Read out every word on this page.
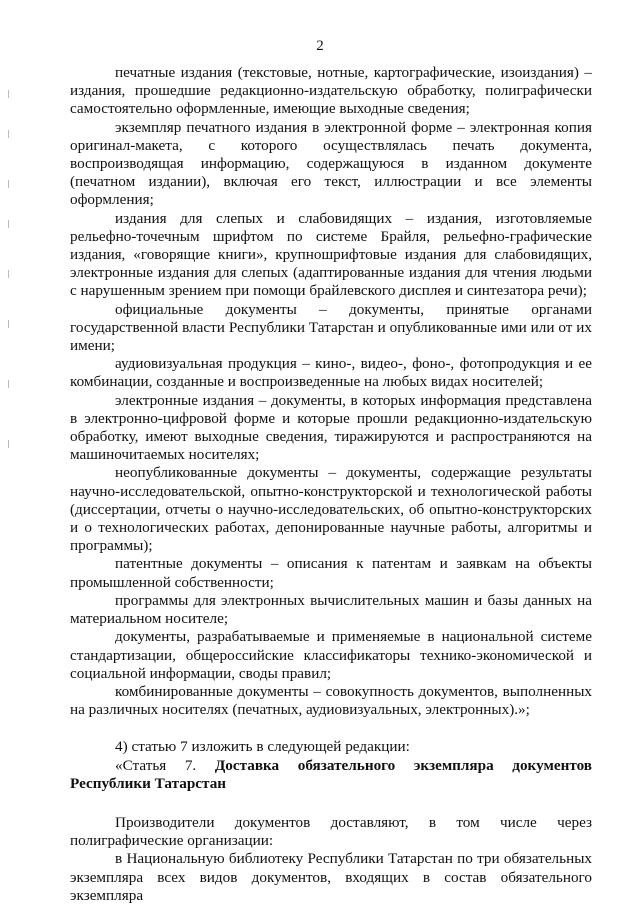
2

печатные издания (текстовые, нотные, картографические, изоиздания) – издания, прошедшие редакционно-издательскую обработку, полиграфически самостоятельно оформленные, имеющие выходные сведения;

экземпляр печатного издания в электронной форме – электронная копия оригинал-макета, с которого осуществлялась печать документа, воспроизводящая информацию, содержащуюся в изданном документе (печатном издании), включая его текст, иллюстрации и все элементы оформления;

издания для слепых и слабовидящих – издания, изготовляемые рельефно-точечным шрифтом по системе Брайля, рельефно-графические издания, «говорящие книги», крупношрифтовые издания для слабовидящих, электронные издания для слепых (адаптированные издания для чтения людьми с нарушенным зрением при помощи брайлевского дисплея и синтезатора речи);

официальные документы – документы, принятые органами государственной власти Республики Татарстан и опубликованные ими или от их имени;

аудиовизуальная продукция – кино-, видео-, фоно-, фотопродукция и ее комбинации, созданные и воспроизведенные на любых видах носителей;

электронные издания – документы, в которых информация представлена в электронно-цифровой форме и которые прошли редакционно-издательскую обработку, имеют выходные сведения, тиражируются и распространяются на машиночитаемых носителях;

неопубликованные документы – документы, содержащие результаты научно-исследовательской, опытно-конструкторской и технологической работы (диссертации, отчеты о научно-исследовательских, об опытно-конструкторских и о технологических работах, депонированные научные работы, алгоритмы и программы);

патентные документы – описания к патентам и заявкам на объекты промышленной собственности;

программы для электронных вычислительных машин и базы данных на материальном носителе;

документы, разрабатываемые и применяемые в национальной системе стандартизации, общероссийские классификаторы технико-экономической и социальной информации, своды правил;

комбинированные документы – совокупность документов, выполненных на различных носителях (печатных, аудиовизуальных, электронных).»;

4) статью 7 изложить в следующей редакции:

«Статья 7. Доставка обязательного экземпляра документов Республики Татарстан

Производители документов доставляют, в том числе через полиграфические организации:

в Национальную библиотеку Республики Татарстан по три обязательных экземпляра всех видов документов, входящих в состав обязательного экземпляра
